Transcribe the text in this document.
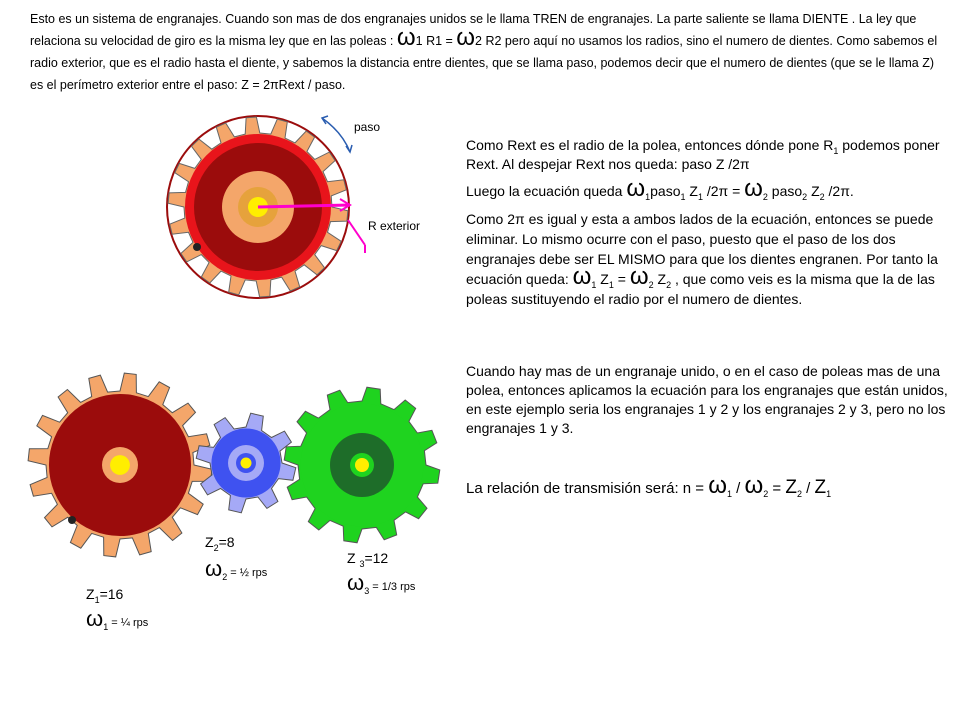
Esto es un sistema de engranajes. Cuando son mas de dos engranajes unidos se le llama TREN de engranajes. La parte saliente se llama DIENTE . La ley que relaciona su velocidad de giro es la misma ley que en las poleas : ω1 R1 = ω2 R2 pero aquí no usamos los radios, sino el numero de dientes. Como sabemos el radio exterior, que es el radio hasta el diente, y sabemos la distancia entre dientes, que se llama paso, podemos decir que el numero de dientes (que se le llama Z) es el perímetro exterior entre el paso: Z = 2πRext / paso.

paso
R exterior

Como Rext es el radio de la polea, entonces dónde pone $R_1$ podemos poner Rext. Al despejar Rext nos queda: paso Z /2π

Luego la ecuación queda $\omega_1paso_1$ $Z_1$ $/2\pi = \omega_2$ paso$_2$ $Z_2$ /2π.

Como 2π es igual y esta a ambos lados de la ecuación, entonces se puede eliminar. Lo mismo ocurre con el paso, puesto que el paso de los dos engranajes debe ser EL MISMO para que los dientes engranen. Por tanto la ecuación queda: $\omega_1$ $Z_1 = \omega_2$ $Z_2$ , que como veis es la misma que la de las poleas sustituyendo el radio por el numero de dientes.

Cuando hay mas de un engranaje unido, o en el caso de poleas mas de una polea, entonces aplicamos la ecuación para los engranajes que están unidos, en este ejemplo seria los engranajes 1 y 2 y los engranajes 2 y 3, pero no los engranajes 1 y 3.

La relación de transmisión será: $n = \omega_1 / \omega_2 = Z_2 / Z_1$

$Z_2=8$
$\omega_2$ = ½ rps
Z $_3$=12
$\omega_3 = 1/3$ rps
$Z_1=16$
$\omega_1$ = ¼ rps
